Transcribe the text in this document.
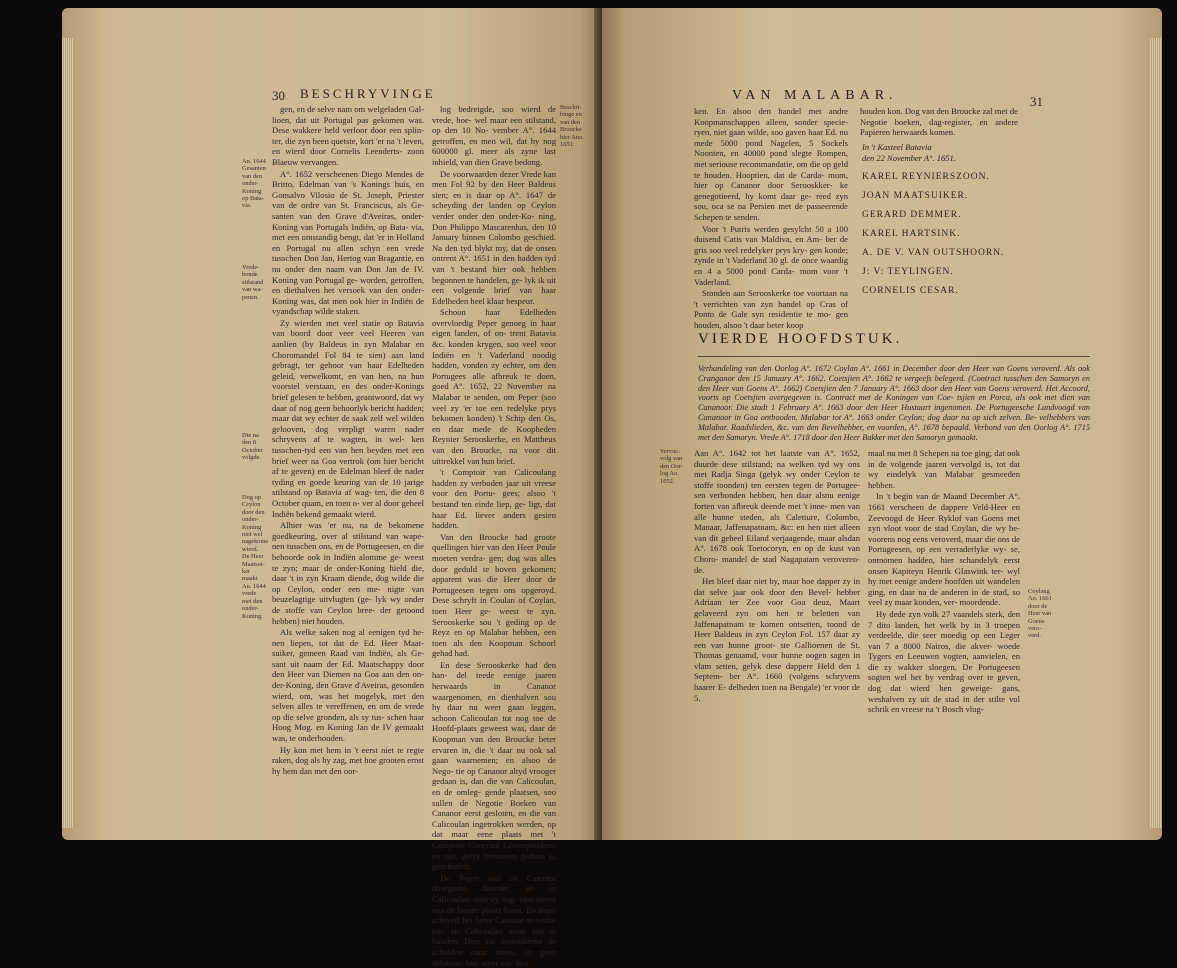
30 BESCHRYVINGE
An. 1644
Gesanten
van den
onder-
Koning
op Bata-
via.
Vrede-
bonde
stilstand
van wa-
penen.
Die na
den 8
October
volgde.
Dog op
Ceylon
door den
onder-
Koning
niet wel
nagekome
wierd.
De Heer
Maatsui-
ker
maakt
An. 1644
vrede
met den
onder-
Koning.

gen, en de selve nam om welgeladen Gal- lioen, dat uit Portugal pas gekomen was. Dese wakkere held verloor door een splin- ter, die zyn been quetste, kort 'er na 't leven, en wierd door Cornelis Leenderts- zoon Blaeuw vervangen.

A°. 1652 verscheenen Diego Mendes de Britto, Edelman van 's Konings huis, en Gonsalvo Vilosio de St. Joseph, Priester van de ordre van St. Franciscus, als Ge- santen van den Grave d'Aveiras, onder- Koning van Portugals Indiën, op Bata- via, met een omstandig bengt, dat 'er in Holland en Portugal nu allen schyn een vrede tusschen Don Jan, Hertog van Bragantie, en nu onder den naam van Don Jan de IV. Koning van Portugal ge- worden, getroffen, en diethalven het versoek van den onder-Koning was, dat men ook hier in Indiën de vyandschap wilde staken.

Zy wierden met veel statie op Batavia van boord door veer veel Heeren van aanlien (by Baldeus in zyn Malabar en Choromandel Fol 84 te sien) aan land gebragt, ter gehoor van haar Edelheden geleid, verwelkomt, en van hen, na hun voorstel verstaan, en des onder-Konings brief gelesen te hebben, geantwoord, dat wy daar of nog geen behoorlyk bericht hadden; maar dat wy echter de saak zelf wel wilden gelooven, dog verpligt waren nader schryvens af te wagten, in wel- ken tusschen-tyd een van hen beyden met een brief weer na Goa vertrok (om hier bericht af te geven) en de Edelman bleef de nader tyding en goede keuring van de 10 jarige stilstand op Batavia af wag- ten, die den 8 October quam, en toen o- ver al door geheel Indiën bekend gemaakt wierd.

Alhier was 'er nu, na de bekomene goedkeuring, over al stilstand van wape- nen tusschen ons, en de Portugeesen, en die behoorde ook in Indiën alomme ge- weest te zyn; maar de onder-Koning hield die, daar 't in zyn Kraam diende, dog wilde die op Ceylon, onder een me- nigte van beuzelagtige uitvlugten (ge- lyk wy onder de stoffe van Ceylon bree- der getoond hebben) niet houden.

Als welke saken nog al eenigen tyd he- nen liepen, tot dat de Ed. Heer Maat- suiker, gemeen Raad van Indiën, als Ge- sant uit naam der Ed. Maatschappy door den Heer van Diemen na Goa aan den on- der-Koning, den Grave d'Aveiras, gesonden wierd, om, was het mogelyk, met den selven alles te vereffenen, en om de vrede op die selve gronden, als sy tus- schen haar Hoog Mog. en Koning Jan de IV gemaakt was, te onderhouden.

Hy kon met hem in 't eerst niet te regte raken, dog als hy zag, met hoe grooten ernst hy hem dan met den oor-

log bedreigde, soo wierd de vrede, hoe- wel maar een stilstand, op den 10 No- vember A°. 1644 getroffen, en men wil, dat hy nog 600000 gl. meer als zyne last inhield, van dien Grave bedong.

De voorwaarden dezer Vrede kan men Fol 92 by den Heer Baldeus sien; en is daar op A°. 1647 de scheyding der landen op Ceylon verder onder den onder-Ko- ning, Don Philippo Mascarenhas, den 10 January binnen Colombo geschied. Na den tyd blykt my, dat de onsen ontrent A°. 1651 in den hadden tyd van 't bestand hier ook hebben begonnen te handelen, ge- lyk ik uit een volgende brief van haar Edelheden heel klaar bespeur.

Schoon haar Edelheden overvloedig Peper genoeg in haar eigen landen, of on- trent Batavia &c. konden krygen, soo veel voor Indiën en 't Vaderland noodig hadden, vonden zy echter, om den Portugees alle afbreuk te doen, goed A°. 1652, 22 November na Malabar te senden, om Peper (soo veel zy 'er toe een redelyke prys bekomen konden) 't Schip den Os, en daar mede de Koopheden Reynier Serooskerke, en Mattheus van den Broucke, na voor dit uittrekkel van hun brief.

't Comptoir van Calicoulang hadden zy verboden jaar uit vreese voor den Portu- gees; alsoo 't bestand ten einde liep, ge- ligt, dat haar Ed. liever anders gesien hadden.

Van den Broucke had groote quellingen hier van den Heer Poule moeten verdra- gen; dog was alles door geduld te boven gekomen; apparent was die Heer door de Portugeesen tegen ons opgeroyd. Dese schryft in Coulan of Coylan, toen Heer ge- weest te zyn. Serooskerke sou 't geding op de Reyz en op Malabar hebben, een toen als den Koopman Schoorl gehad had.

En dese Serooskerke had den han- del teede eenige jaaren herwaards in Cananor waargenomen, en dienhalven sou hy daar nu weer gaan leggen, schoon Calicoulan tot nog toe de Hoofd-plaats geweest was, daar de Koopman van den Broucke beter ervaren in, die 't daar nu ook sal gaan waarnemen; en alsoo de Nego- tie op Cananor altyd vrooger gedaan is, dan die van Calicoulan, en de omleg- gende plaatsen, soo sullen de Negotie Boeken van Cananor eerst gesloten, en die van Calicoulan ingetrokken werden, op dat maar eene plaats met 't Comptoir Generaal Correspondere, en niet, gelyk hetvorens gedaan is, geschied is.

De Peper viel in Cananor doorgaans duurder, als in Calicoulan, daar zy nog- tans meest van de laatste plaats komt. En alsoo schryvd het beter Cananor te verla- ten, en Calicoulan maar aan te houden. Dies zal Serooskerke de schulden maar innen, en geen debiteurs hier meer ma- ken.

Beschri-
binge en
van den
Broucke
hier Ano.
1651.
VAN MALABAR.	31

ken. En alsoo den handel met andre Koopmanschappen alleen, sonder specie- ryen, niet gaan wilde, soo gaven haar Ed. nu mede 5000 pond Nagelen, 5 Sockels Noonten, en 40000 pond slegte Rompen, met seriouse recommandatie, om die op geld te houden. Hooptien, dat de Carda- mom, hier op Cananor door Serooskker- ke genegotieerd, hy komt daar ge- reed zyn sou, oca se na Persien met de passeerende Schepen te senden.

Voor 't Putris werden gesylcht 50 a 100 duisend Catis van Maldiva, en Am- ber de gris soo veel redelyker prys kry- gen konde; zynde in 't Vaderland 30 gl. de once waardig en 4 a 5000 pond Carda- mom voor 't Vaderland.

Stonden aan Serooskerke toe voortaan na 't verrichten van zyn handel op Cras of Ponto de Gale syn residentie te mo- gen houden, alsoo 't daar beter koop

houden kon. Dog van den Broucke zal met de Negotie boeken, dag-register, en andere Papieren herwaards komen.

In 't Kasteel Batavia
den 22 November A°. 1651.
KAREL REYNIERSZOON.
JOAN MAATSUIKER.
GERARD DEMMER.
KAREL HARTSINK.
A. DE V. VAN OUTSHOORN.
J: V: TEYLINGEN.
CORNELIS CESAR.
VIERDE HOOFDSTUK.
Verhandeling van den Oorlog A°. 1672 Coylan A°. 1661 in December door den Heer van Goens veroverd. Als ook Cranganor den 15 January A°. 1662. Coetsjien A°. 1662 te vergeefs belegerd. (Contract tusschen den Samoryn en den Heer van Goens A°. 1662) Coetsjien den 7 January A°. 1663 door den Heer van Goens veroverd. Het Accoord, voorts op Coetsjien overgegeven is. Contract met de Koningen van Coe- tsjien en Porca, als ook met dien van Cananoor. Die stadt 1 February A°. 1663 door den Heer Hustaart ingenomen. De Portugeesche Landvoogd van Cananoor in Goa ontbooden. Malabar tot A°. 1663 onder Ceylon; dog daar na op sich zelven. Be- velhebbers van Malabar. Raadslieden, &c. van den Bevelhebber, en voorden, A°. 1678 bepaald. Verbond van den Oorlog A°. 1715 met den Samoryn. Vrede A°. 1718 door den Heer Bakker met den Samoryn gemaakt.
Vervuc-
volg van
den Oor-
log Ao.
1652.

Aan A°. 1642 tot het laatste van A°. 1652, duurde dese stilstand; na welken tyd wy ons met Radja Singa (gelyk wy onder Ceylon te stoffe toonden) ten eersten tegen de Portugee- sen verbonden hebben, hen daar alsnu eenige forten van afbreuk deende met 't inne- men van alle hunne steden, als Caletture, Colombo, Manaar, Jaffenapatnam, &c: en hen niet alleen van dit geheel Eiland verjaagende, maar alsdan A°. 1678 ook Toetocoryn, en op de kust van Choro- mandel de stad Nagapatam veroveren- de.

Het bleef daar niet by, maar hoe dapper zy in dat selve jaar ook door den Bevel- hebber Adriaan ter Zee voor Goa deuz, Maart gelaveerd zyn om hen te beletten van Jaffenapatnam te komen ontsetten, toond de Heer Baldeus in zyn Ceylon Fol. 157 daar zy een van hunne groot- ste Gallioenen de St. Thomas genaamd, voor hunne oogen sagen in vlam setten, gelyk dese dappere Held den 1 Septem- ber A°. 1660 (volgens schryvens haarer E- delheden toen na Bengale) 'er voor de 5.

maal nu met 8 Schepen na toe ging; dat ook in de volgende jaaren vervolgd is, tot dat wy eindelyk van Malabar gesmeeden hebben.

In 't begin van de Maand December A°. 1661 verscheen de dappere Veld-Heer en Zeevoogd de Heer Ryklof van Goens met zyn vloot voor de stad Coylan, die wy be- voorens nog eens veroverd, maar die ons de Portugeesen, op een verraderlyke wy- se, ontnomen hadden, hier schandelyk eerst onsen Kapiteyn Henrik Glaswink ter- wyl hy met eenige andere hoofden uit wandelen ging, en daar na de anderen in de stad, so veel zy maar konden, ver- moordende.

Hy dede zyn volk 27 vaandels sterk, den 7 dito landen, het welk by in 3 troepen verdeelde, die seer moedig op een Leger van 7 a 8000 Nairos, die akver- woede Tygers en Leeuwen vogten, aanvielen, en die zy wakker sloegen. De Portugeesen sogten wel het by verdrag over te geven, dog dat wierd hen geweige- gans, weshalven zy uit de stad in der stilte vol schrik en vreese na 't Bosch vlug-

Coylang
Ao. 1661
door de
Heer van
Goens
vero-
verd.
